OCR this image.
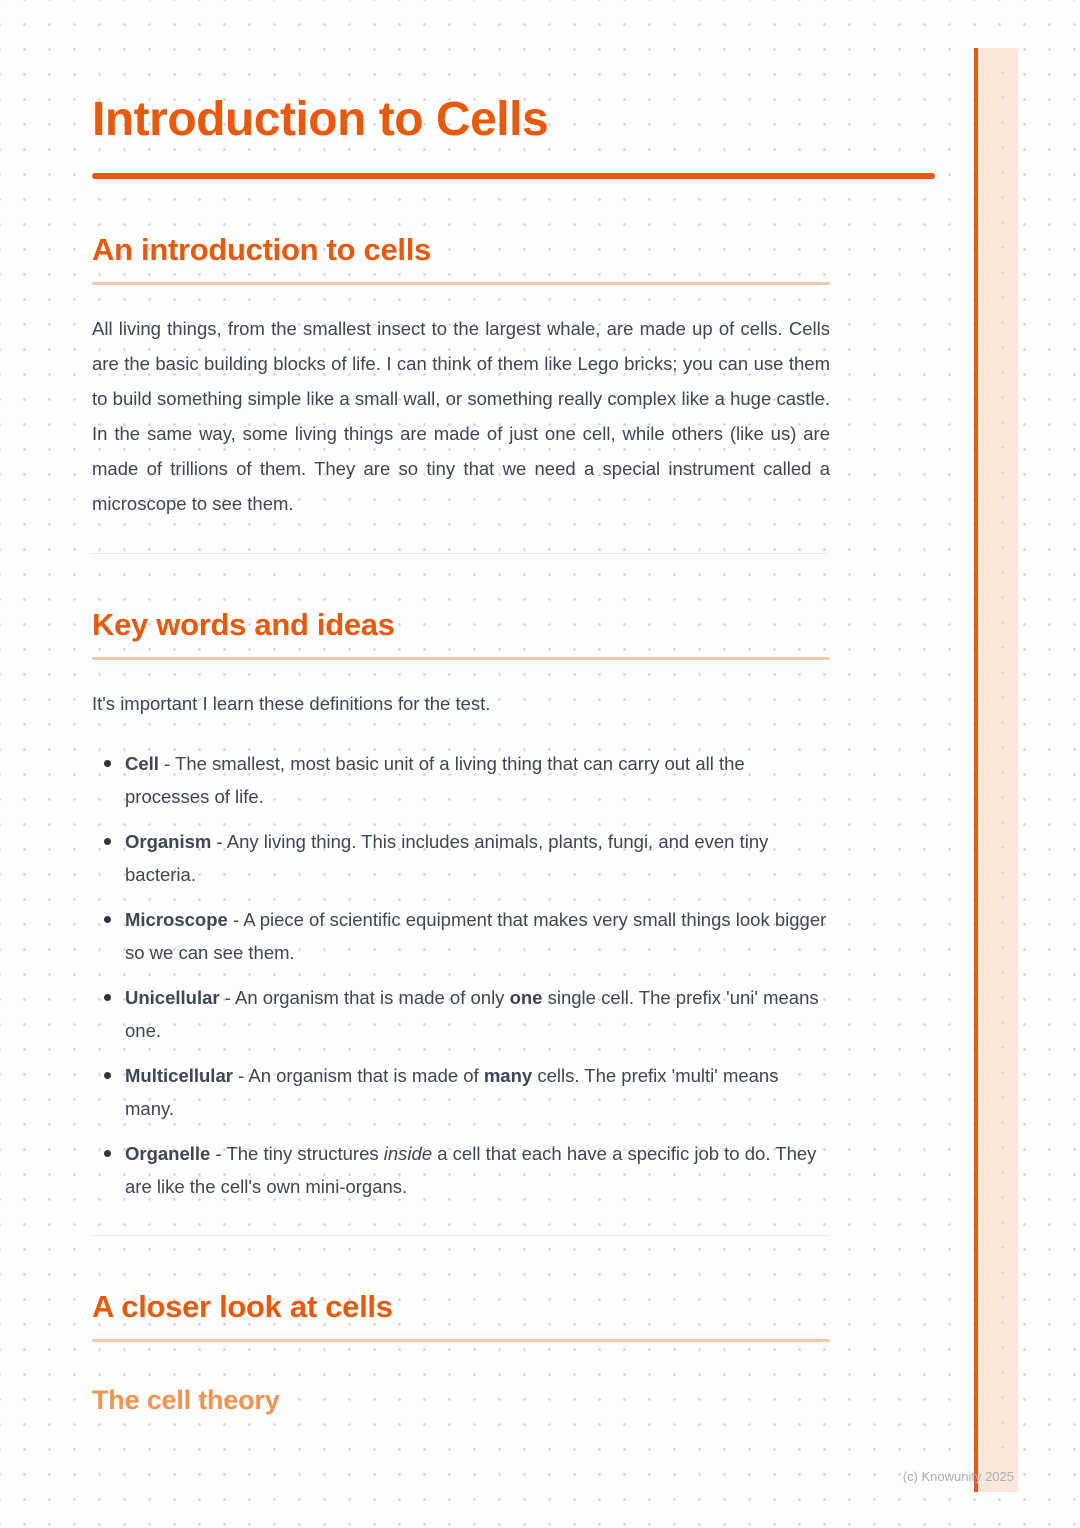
Introduction to Cells
An introduction to cells

All living things, from the smallest insect to the largest whale, are made up of cells. Cells are the basic building blocks of life. I can think of them like Lego bricks; you can use them to build something simple like a small wall, or something really complex like a huge castle. In the same way, some living things are made of just one cell, while others (like us) are made of trillions of them. They are so tiny that we need a special instrument called a microscope to see them.

Key words and ideas

It's important I learn these definitions for the test.

Cell - The smallest, most basic unit of a living thing that can carry out all the processes of life.
Organism - Any living thing. This includes animals, plants, fungi, and even tiny bacteria.
Microscope - A piece of scientific equipment that makes very small things look bigger so we can see them.
Unicellular - An organism that is made of only one single cell. The prefix 'uni' means one.
Multicellular - An organism that is made of many cells. The prefix 'multi' means many.
Organelle - The tiny structures inside a cell that each have a specific job to do. They are like the cell's own mini-organs.
A closer look at cells
The cell theory
(c) Knowunity 2025
